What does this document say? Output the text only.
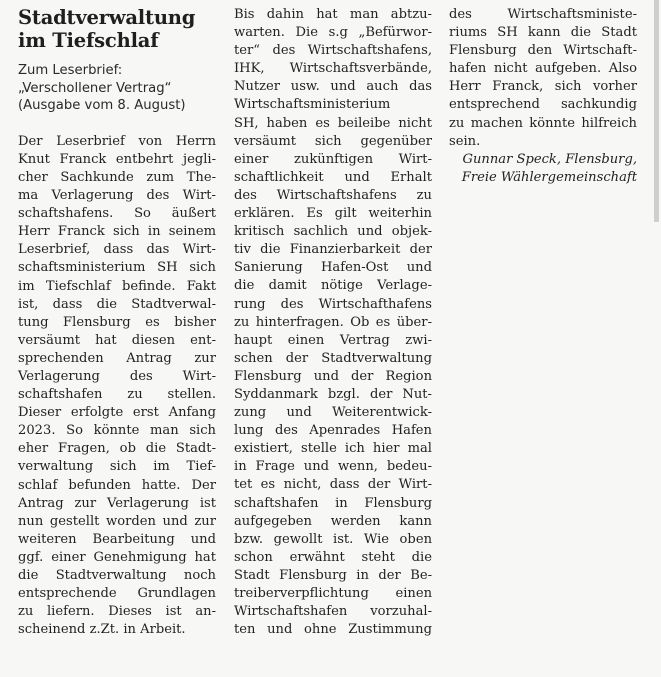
Stadtverwaltung im Tiefschlaf

Zum Leserbrief: „Verschollener Vertrag“ (Ausgabe vom 8. August)

Der Leserbrief von Herrn
Knut Franck entbehrt jegli-
cher Sachkunde zum The-
ma Verlagerung des Wirt-
schaftshafens. So äußert
Herr Franck sich in seinem
Leserbrief, dass das Wirt-
schaftsministerium SH sich
im Tiefschlaf befinde. Fakt
ist, dass die Stadtverwal-
tung Flensburg es bisher
versäumt hat diesen ent-
sprechenden Antrag zur
Verlagerung des Wirt-
schaftshafen zu stellen.
Dieser erfolgte erst Anfang
2023. So könnte man sich
eher Fragen, ob die Stadt-
verwaltung sich im Tief-
schlaf befunden hatte. Der
Antrag zur Verlagerung ist
nun gestellt worden und zur
weiteren Bearbeitung und
ggf. einer Genehmigung hat
die Stadtverwaltung noch
entsprechende Grundlagen
zu liefern. Dieses ist an-
scheinend z.Zt. in Arbeit.
Bis dahin hat man abtzu-
warten. Die s.g „Befürwor-
ter“ des Wirtschaftshafens,
IHK, Wirtschaftsverbände,
Nutzer usw. und auch das
Wirtschaftsministerium
SH, haben es beileibe nicht
versäumt sich gegenüber
einer zukünftigen Wirt-
schaftlichkeit und Erhalt
des Wirtschaftshafens zu
erklären. Es gilt weiterhin
kritisch sachlich und objek-
tiv die Finanzierbarkeit der
Sanierung Hafen-Ost und
die damit nötige Verlage-
rung des Wirtschafthafens
zu hinterfragen. Ob es über-
haupt einen Vertrag zwi-
schen der Stadtverwaltung
Flensburg und der Region
Syddanmark bzgl. der Nut-
zung und Weiterentwick-
lung des Apenrades Hafen
existiert, stelle ich hier mal
in Frage und wenn, bedeu-
tet es nicht, dass der Wirt-
schaftshafen in Flensburg
aufgegeben werden kann
bzw. gewollt ist. Wie oben
schon erwähnt steht die
Stadt Flensburg in der Be-
treiberverpflichtung einen
Wirtschaftshafen vorzuhal-
ten und ohne Zustimmung
des Wirtschaftsministe-
riums SH kann die Stadt
Flensburg den Wirtschaft-
hafen nicht aufgeben. Also
Herr Franck, sich vorher
entsprechend sachkundig
zu machen könnte hilfreich
sein.

Gunnar Speck, Flensburg,
Freie Wählergemeinschaft
